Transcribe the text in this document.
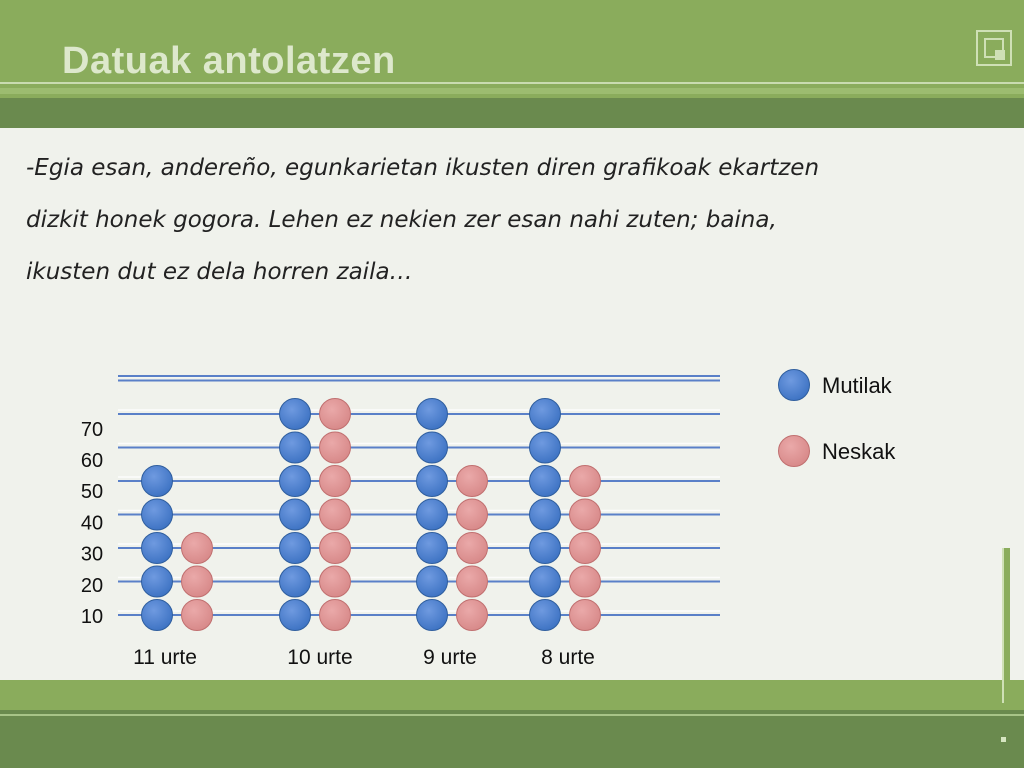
Datuak antolatzen

-Egia esan, andereño, egunkarietan ikusten diren grafikoak ekartzen
dizkit honek gogora. Lehen ez nekien zer esan nahi zuten; baina,
ikusten dut ez dela horren zaila…

10
20
30
40
50
60
70
11 urte	10 urte	9 urte	8 urte
Mutilak
Neskak
